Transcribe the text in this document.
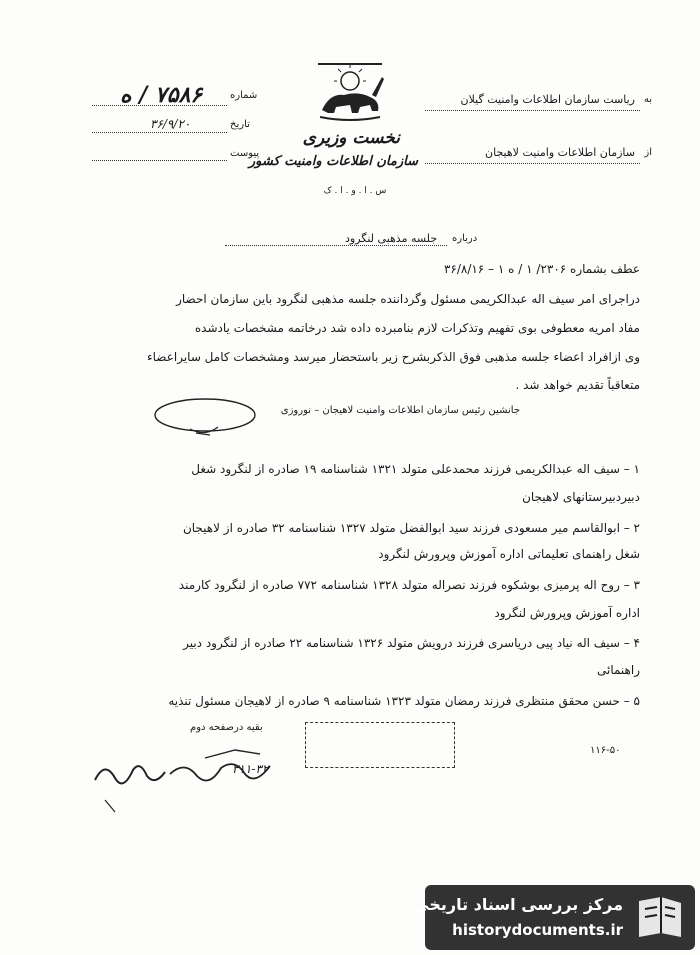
نخست وزیری
سازمان اطلاعات وامنیت کشور
س . ا . و . ا . ک
به
ریاست سازمان اطلاعات وامنیت گیلان
از
سازمان اطلاعات وامنیت لاهیجان
شماره
۷۵۸۶ / ه
تاریخ
۳۶/۹/۲۰
پیوست
درباره
جلسه مذهبی لنگرود
عطف بشماره ۲۳۰۶/ ۱ / ه ۱ – ۳۶/۸/۱۶
دراجرای امر سیف اله عبدالکریمی مسئول وگرداننده جلسه مذهبی لنگرود باین سازمان احضار
مفاد امریه معطوفی بوی تفهیم وتذکرات لازم بنامبرده داده شد درخاتمه مشخصات یادشده
وی ازافراد اعضاء جلسه مذهبی فوق الذکربشرح زیر باستحضار میرسد ومشخصات کامل سایراعضاء
متعاقباً تقدیم خواهد شد .
جانشین رئیس سازمان اطلاعات وامنیت لاهیجان – نوروزی
۱ – سیف اله عبدالکریمی فرزند محمدعلی متولد ۱۳۲۱ شناسنامه ۱۹ صادره از لنگرود شغل
دبیردبیرستانهای لاهیجان
۲ – ابوالقاسم میر مسعودی فرزند سید ابوالفضل متولد ۱۳۲۷ شناسنامه ۳۲ صادره از لاهیجان
شغل راهنمای تعلیماتی اداره آموزش وپرورش لنگرود
۳ – روح اله پرمیزی بوشکوه فرزند نصراله متولد ۱۳۲۸ شناسنامه ۷۷۲ صادره از لنگرود کارمند
اداره آموزش وپرورش لنگرود
۴ – سیف اله نیاد پیی دریاسری فرزند درویش متولد ۱۳۲۶ شناسنامه ۲۲ صادره از لنگرود دبیر
راهنمائی
۵ – حسن محقق منتظری فرزند رمضان متولد ۱۳۲۳ شناسنامه ۹ صادره از لاهیجان مسئول تنذیه
بقیه درصفحه دوم
۱۱۶-۵۰
۳۱۱-۳۲
مرکز بررسی اسناد تاریخی
historydocuments.ir
